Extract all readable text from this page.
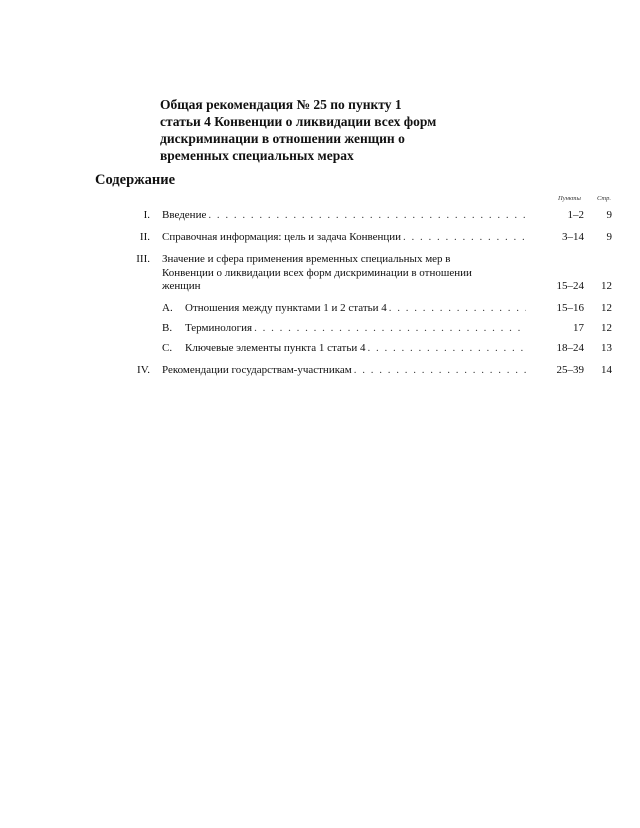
Общая рекомендация № 25 по пункту 1
статьи 4 Конвенции о ликвидации всех форм
дискриминации в отношении женщин о
временных специальных мерах
Содержание
Пункты Стр.
I. Введение . . .	1–2 9
II. Справочная информация: цель и задача Конвенции . . .	3–14 9
III. Значение и сфера применения временных специальных мер в
Конвенции о ликвидации всех форм дискриминации в отношении
женщин	15–24 12
A. Отношения между пунктами 1 и 2 статьи 4 . . .	15–16 12
B. Терминология . . .	17 12
C. Ключевые элементы пункта 1 статьи 4 . . .	18–24 13
IV. Рекомендации государствам-участникам . . .	25–39 14
